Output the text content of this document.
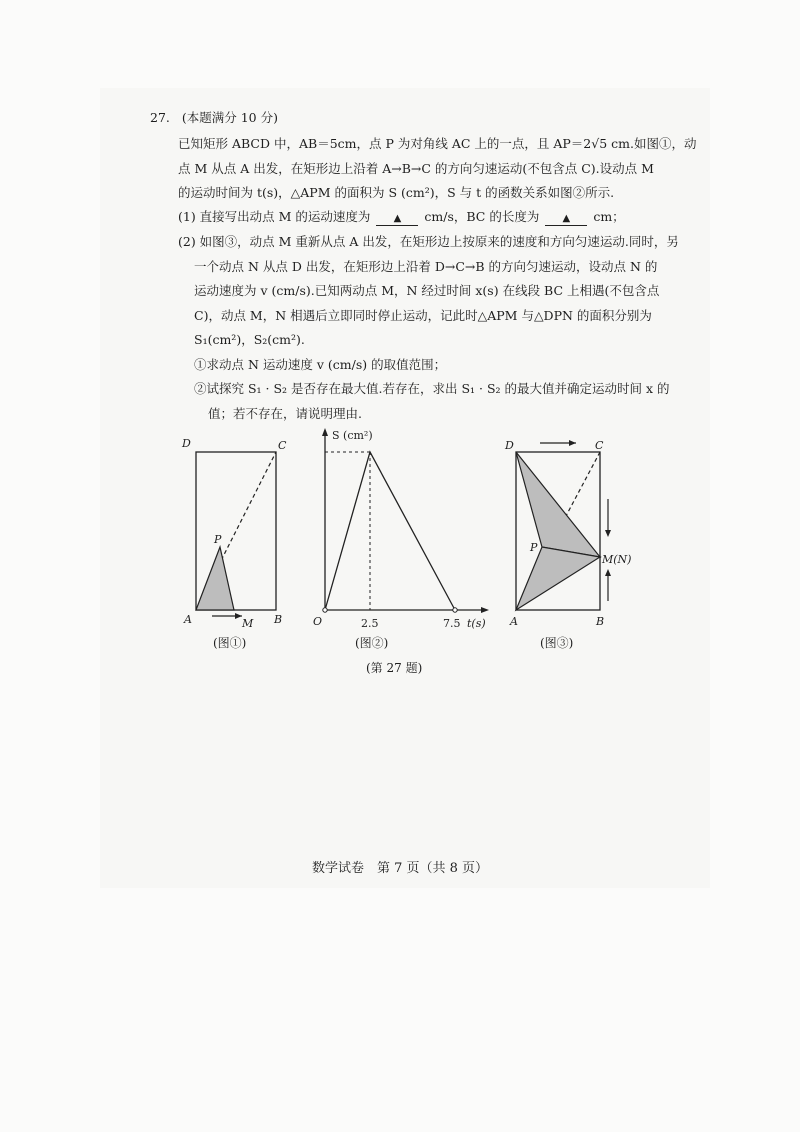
27. (本题满分 10 分)
已知矩形 ABCD 中，AB＝5cm，点 P 为对角线 AC 上的一点，且 AP＝2√5 cm.如图①，动
点 M 从点 A 出发，在矩形边上沿着 A→B→C 的方向匀速运动(不包含点 C).设动点 M
的运动时间为 t(s)，△APM 的面积为 S (cm²)，S 与 t 的函数关系如图②所示.
(1) 直接写出动点 M 的运动速度为 ▲ cm/s，BC 的长度为 ▲ cm；
(2) 如图③，动点 M 重新从点 A 出发，在矩形边上按原来的速度和方向匀速运动.同时，另
一个动点 N 从点 D 出发，在矩形边上沿着 D→C→B 的方向匀速运动，设动点 N 的
运动速度为 v (cm/s).已知两动点 M，N 经过时间 x(s) 在线段 BC 上相遇(不包含点
C)，动点 M，N 相遇后立即同时停止运动，记此时△APM 与△DPN 的面积分别为
S₁(cm²)，S₂(cm²).
①求动点 N 运动速度 v (cm/s) 的取值范围；
②试探究 S₁ · S₂ 是否存在最大值.若存在，求出 S₁ · S₂ 的最大值并确定运动时间 x 的
值；若不存在，请说明理由.
D	C
P
A	B
M
(图①)
S (cm²)
O	2.5	7.5 t(s)
(图②)
D	C
P
M(N)
A	B
(图③)
(第 27 题)
数学试卷　第 7 页（共 8 页）
